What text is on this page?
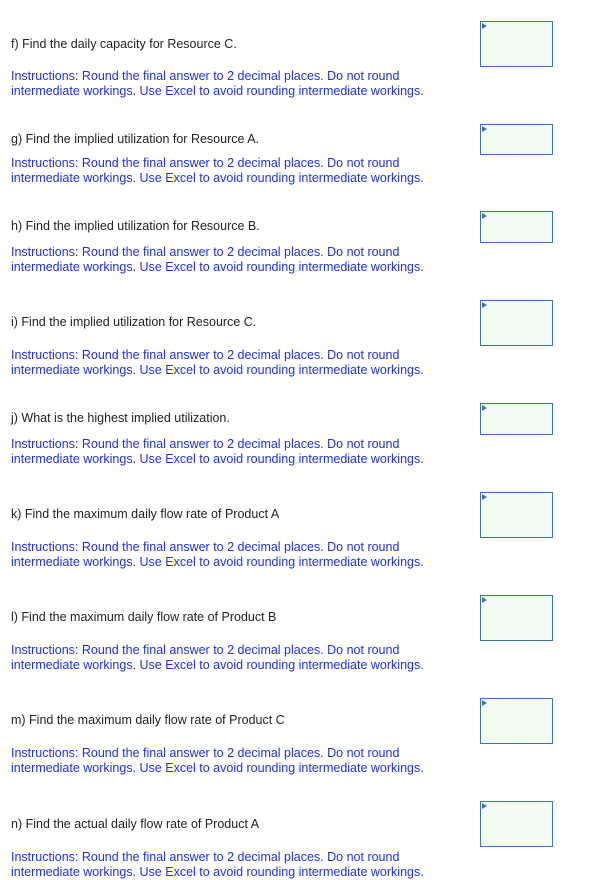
f) Find the daily capacity for Resource C.
Instructions: Round the final answer to 2 decimal places. Do not round
intermediate workings. Use Excel to avoid rounding intermediate workings.
g) Find the implied utilization for Resource A.
Instructions: Round the final answer to 2 decimal places. Do not round
intermediate workings. Use Excel to avoid rounding intermediate workings.
h) Find the implied utilization for Resource B.
Instructions: Round the final answer to 2 decimal places. Do not round
intermediate workings. Use Excel to avoid rounding intermediate workings.
i) Find the implied utilization for Resource C.
Instructions: Round the final answer to 2 decimal places. Do not round
intermediate workings. Use Excel to avoid rounding intermediate workings.
j) What is the highest implied utilization.
Instructions: Round the final answer to 2 decimal places. Do not round
intermediate workings. Use Excel to avoid rounding intermediate workings.
k) Find the maximum daily flow rate of Product A
Instructions: Round the final answer to 2 decimal places. Do not round
intermediate workings. Use Excel to avoid rounding intermediate workings.
l) Find the maximum daily flow rate of Product B
Instructions: Round the final answer to 2 decimal places. Do not round
intermediate workings. Use Excel to avoid rounding intermediate workings.
m) Find the maximum daily flow rate of Product C
Instructions: Round the final answer to 2 decimal places. Do not round
intermediate workings. Use Excel to avoid rounding intermediate workings.
n) Find the actual daily flow rate of Product A
Instructions: Round the final answer to 2 decimal places. Do not round
intermediate workings. Use Excel to avoid rounding intermediate workings.
